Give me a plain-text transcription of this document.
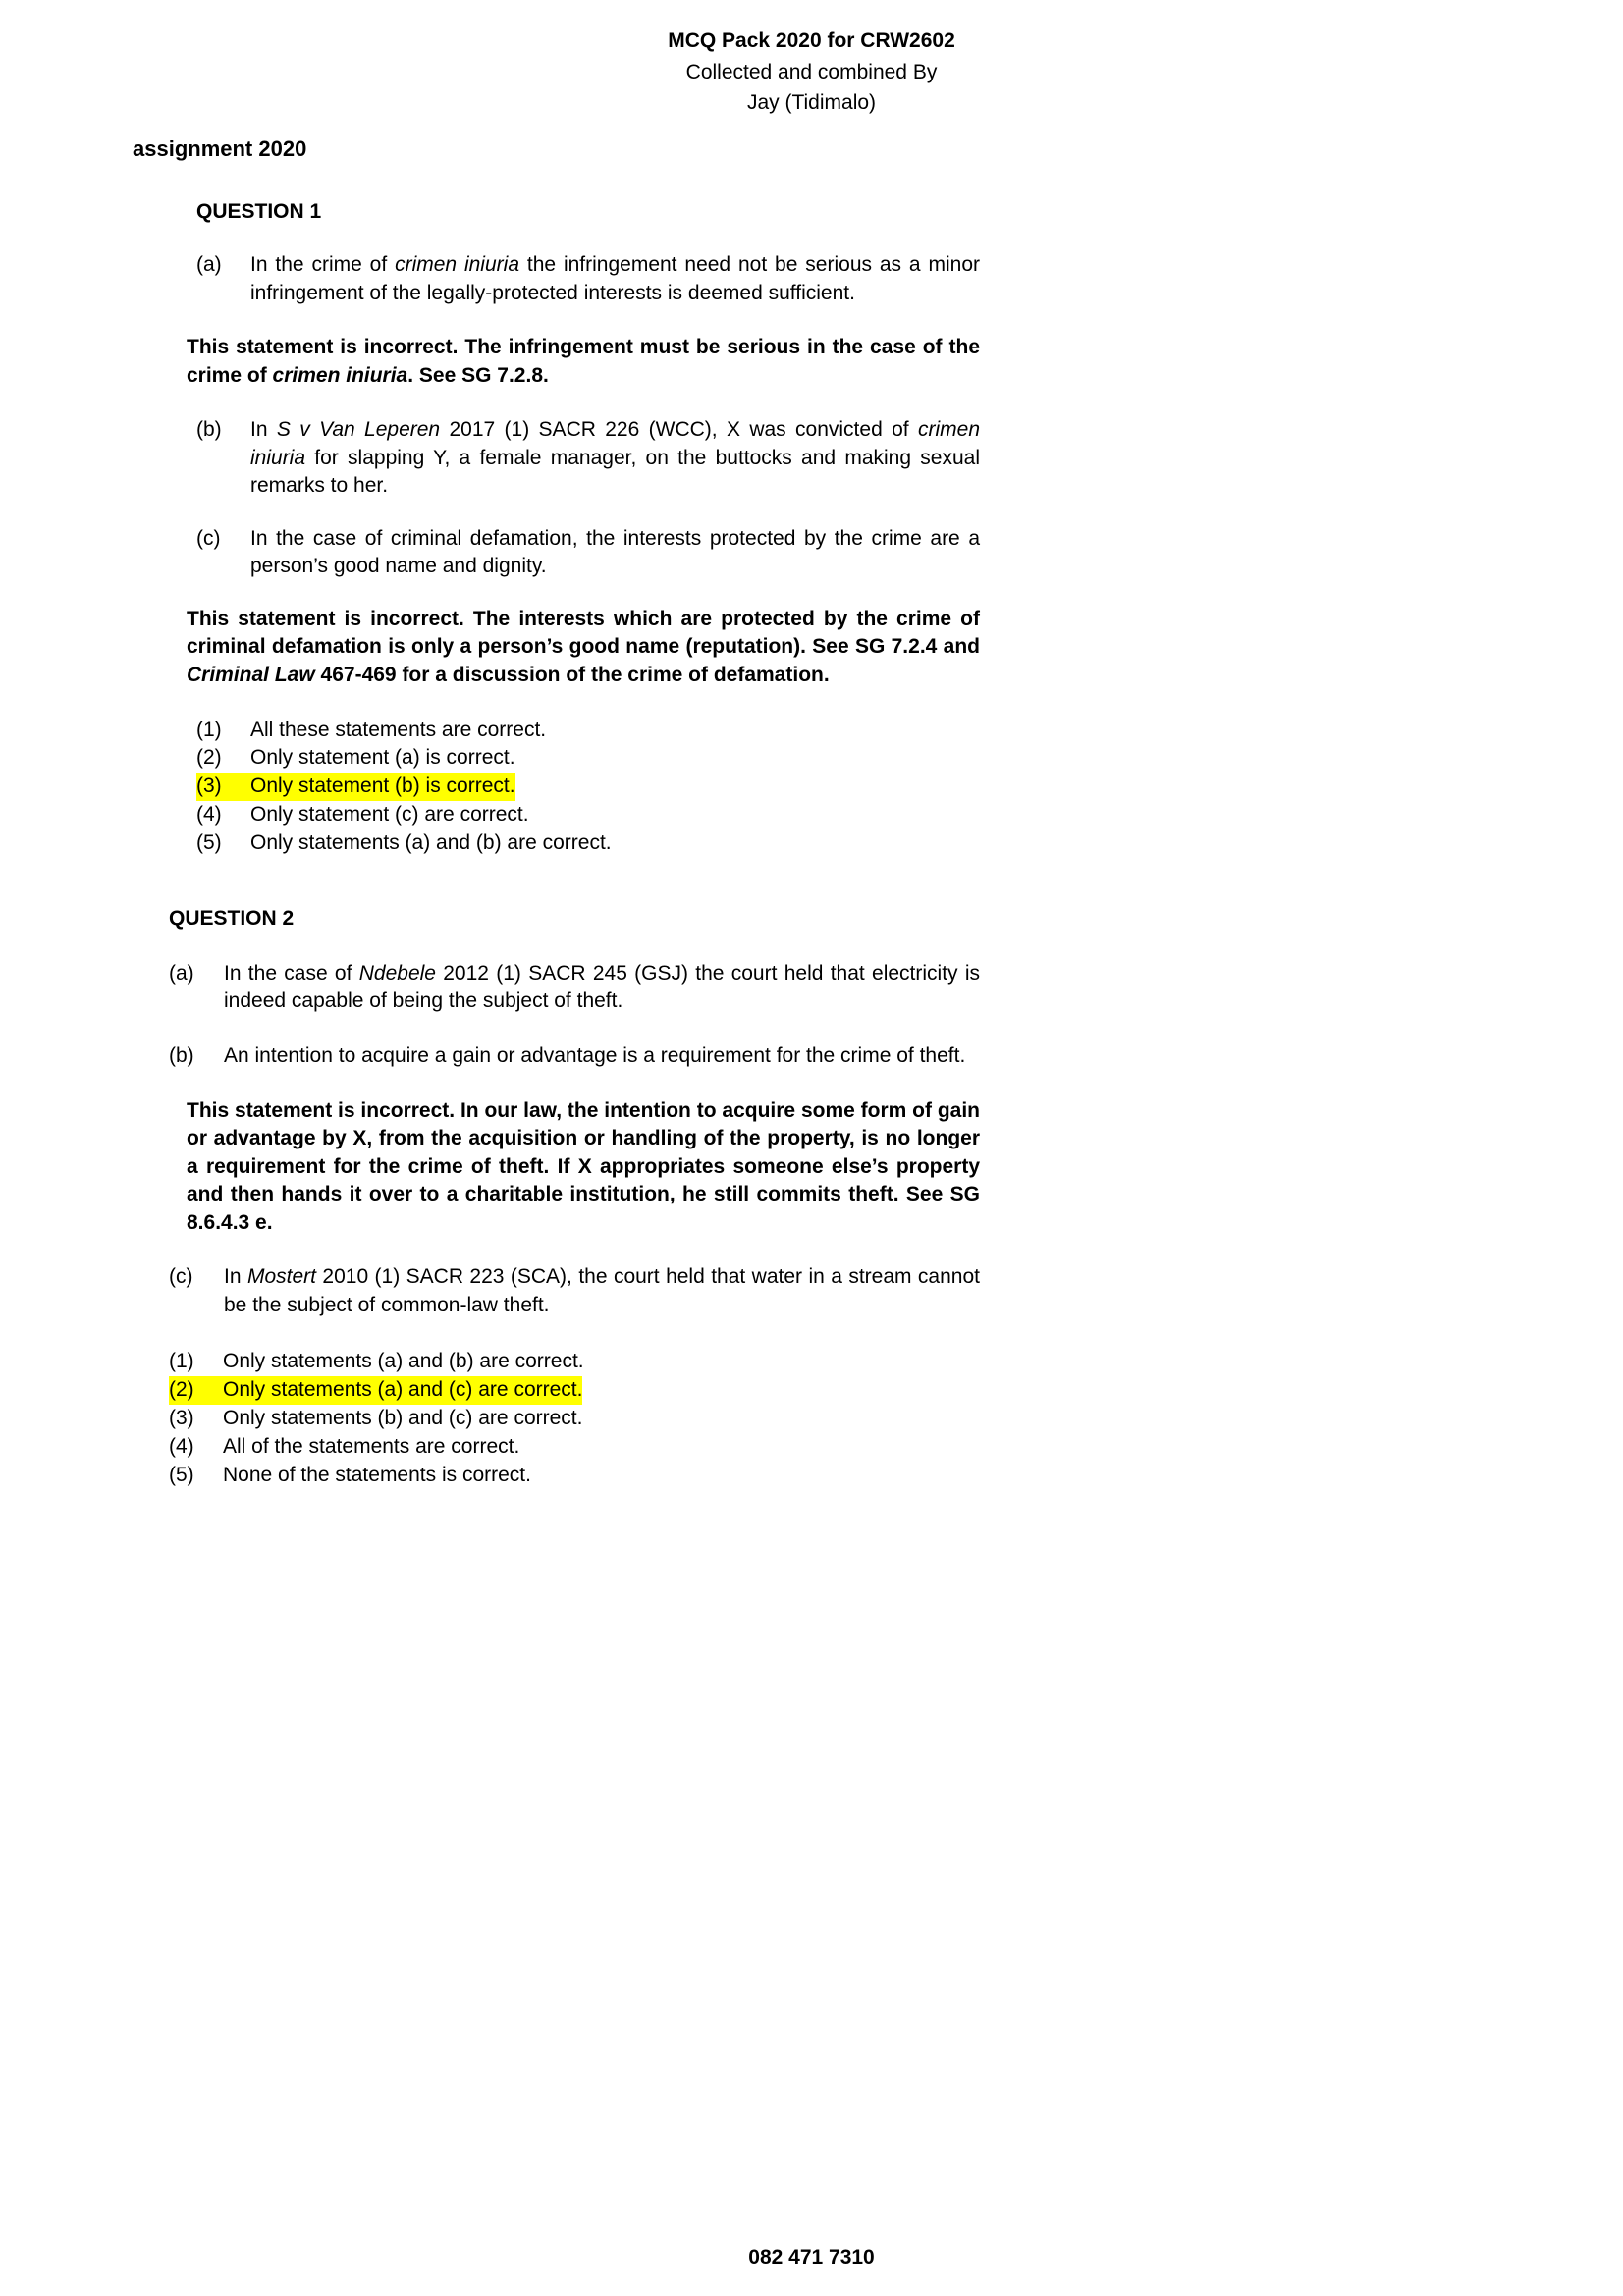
MCQ Pack 2020 for CRW2602
Collected and combined By
Jay (Tidimalo)
assignment 2020
QUESTION 1
(a)	In the crime of crimen iniuria the infringement need not be serious as a minor infringement of the legally-protected interests is deemed sufficient.

This statement is incorrect. The infringement must be serious in the case of the crime of crimen iniuria. See SG 7.2.8.

(b)	In S v Van Leperen 2017 (1) SACR 226 (WCC), X was convicted of crimen iniuria for slapping Y, a female manager, on the buttocks and making sexual remarks to her.
(c)	In the case of criminal defamation, the interests protected by the crime are a person’s good name and dignity.

This statement is incorrect. The interests which are protected by the crime of criminal defamation is only a person’s good name (reputation). See SG 7.2.4 and Criminal Law 467-469 for a discussion of the crime of defamation.

(1)	All these statements are correct.
(2)	Only statement (a) is correct.
(3)	Only statement (b) is correct.
(4)	Only statement (c) are correct.
(5)	Only statements (a) and (b) are correct.
QUESTION 2
(a)	In the case of Ndebele 2012 (1) SACR 245 (GSJ) the court held that electricity is indeed capable of being the subject of theft.
(b)	An intention to acquire a gain or advantage is a requirement for the crime of theft.

This statement is incorrect. In our law, the intention to acquire some form of gain or advantage by X, from the acquisition or handling of the property, is no longer a requirement for the crime of theft. If X appropriates someone else’s property and then hands it over to a charitable institution, he still commits theft. See SG 8.6.4.3 e.

(c)	In Mostert 2010 (1) SACR 223 (SCA), the court held that water in a stream cannot be the subject of common-law theft.
(1)	Only statements (a) and (b) are correct.
(2)	Only statements (a) and (c) are correct.
(3)	Only statements (b) and (c) are correct.
(4)	All of the statements are correct.
(5)	None of the statements is correct.
082 471 7310
